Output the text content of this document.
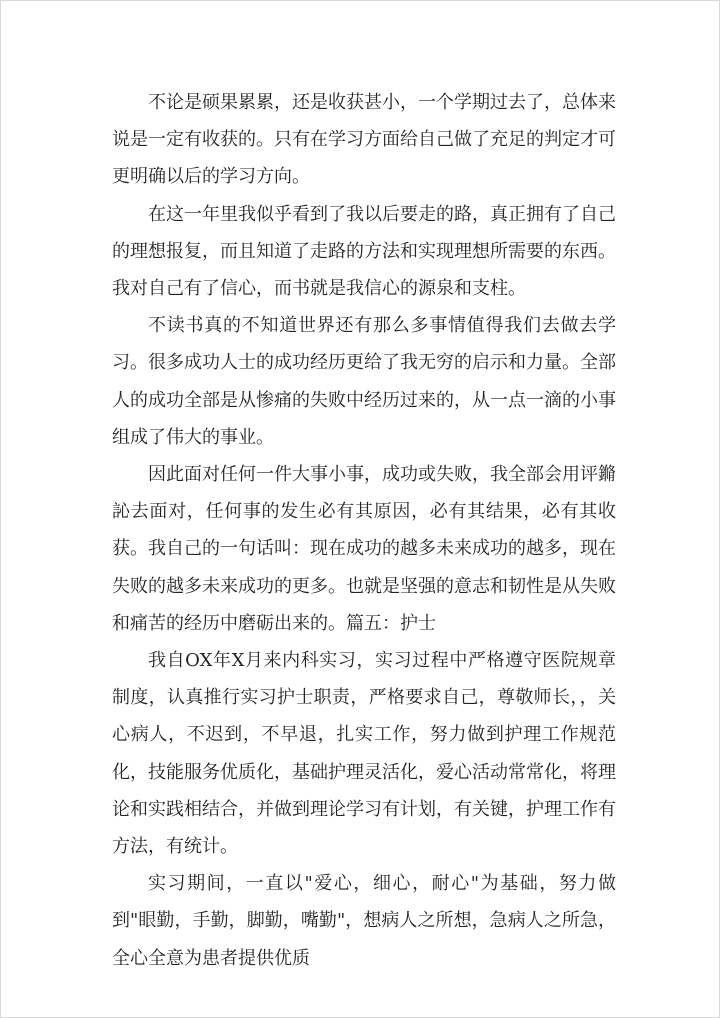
不论是硕果累累，还是收获甚小，一个学期过去了，总体来说是一定有收获的。只有在学习方面给自己做了充足的判定才可更明确以后的学习方向。

在这一年里我似乎看到了我以后要走的路，真正拥有了自己的理想报复，而且知道了走路的方法和实现理想所需要的东西。我对自己有了信心，而书就是我信心的源泉和支柱。

不读书真的不知道世界还有那么多事情值得我们去做去学习。很多成功人士的成功经历更给了我无穷的启示和力量。全部人的成功全部是从惨痛的失败中经历过来的，从一点一滴的小事组成了伟大的事业。

因此面对任何一件大事小事，成功或失败，我全部会用评鏅訫去面对，任何事的发生必有其原因，必有其结果，必有其收获。我自己的一句话叫：现在成功的越多未来成功的越多，现在失败的越多未来成功的更多。也就是坚强的意志和韧性是从失败和痛苦的经历中磨砺出来的。篇五：护士

我自OX年X月来内科实习，实习过程中严格遵守医院规章制度，认真推行实习护士职责，严格要求自己，尊敬师长，，关心病人，不迟到，不早退，扎实工作，努力做到护理工作规范化，技能服务优质化，基础护理灵活化，爱心活动常常化，将理论和实践相结合，并做到理论学习有计划，有关键，护理工作有方法，有统计。

实习期间，一直以"爱心，细心，耐心"为基础，努力做到"眼勤，手勤，脚勤，嘴勤"，想病人之所想，急病人之所急，全心全意为患者提供优质
